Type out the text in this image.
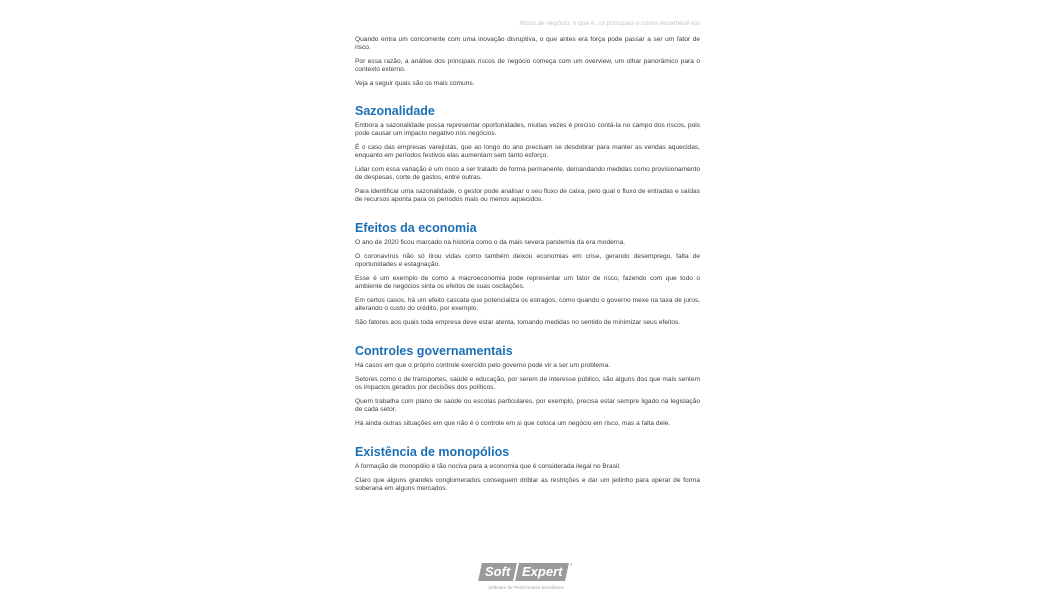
Risco de negócio: o que é, os principais e como reconhecê-los

Quando entra um concorrente com uma inovação disruptiva, o que antes era força pode passar a ser um fator de risco.

Por essa razão, a análise dos principais riscos de negócio começa com um overview, um olhar panorâmico para o contexto externo.

Veja a seguir quais são os mais comuns.

Sazonalidade

Embora a sazonalidade possa representar oportunidades, muitas vezes é preciso contá-la no campo dos riscos, pois pode causar um impacto negativo nos negócios.

É o caso das empresas varejistas, que ao longo do ano precisam se desdobrar para manter as vendas aquecidas, enquanto em períodos festivos elas aumentam sem tanto esforço.

Lidar com essa variação é um risco a ser tratado de forma permanente, demandando medidas como provisionamento de despesas, corte de gastos, entre outras.

Para identificar uma sazonalidade, o gestor pode analisar o seu fluxo de caixa, pelo qual o fluxo de entradas e saídas de recursos aponta para os períodos mais ou menos aquecidos.

Efeitos da economia

O ano de 2020 ficou marcado na história como o da mais severa pandemia da era moderna.

O coronavírus não só tirou vidas como também deixou economias em crise, gerando desemprego, falta de oportunidades e estagnação.

Esse é um exemplo de como a macroeconomia pode representar um fator de risco, fazendo com que todo o ambiente de negócios sinta os efeitos de suas oscilações.

Em certos casos, há um efeito cascata que potencializa os estragos, como quando o governo mexe na taxa de juros, alterando o custo do crédito, por exemplo.

São fatores aos quais toda empresa deve estar atenta, tomando medidas no sentido de minimizar seus efeitos.

Controles governamentais

Há casos em que o próprio controle exercido pelo governo pode vir a ser um problema.

Setores como o de transportes, saúde e educação, por serem de interesse público, são alguns dos que mais sentem os impactos gerados por decisões dos políticos.

Quem trabalha com plano de saúde ou escolas particulares, por exemplo, precisa estar sempre ligado na legislação de cada setor.

Há ainda outras situações em que não é o controle em si que coloca um negócio em risco, mas a falta dele.

Existência de monopólios

A formação de monopólio é tão nociva para a economia que é considerada ilegal no Brasil.

Claro que alguns grandes conglomerados conseguem driblar as restrições e dar um jeitinho para operar de forma soberana em alguns mercados.

Soft Expert	®
Software for Performance Excellence
